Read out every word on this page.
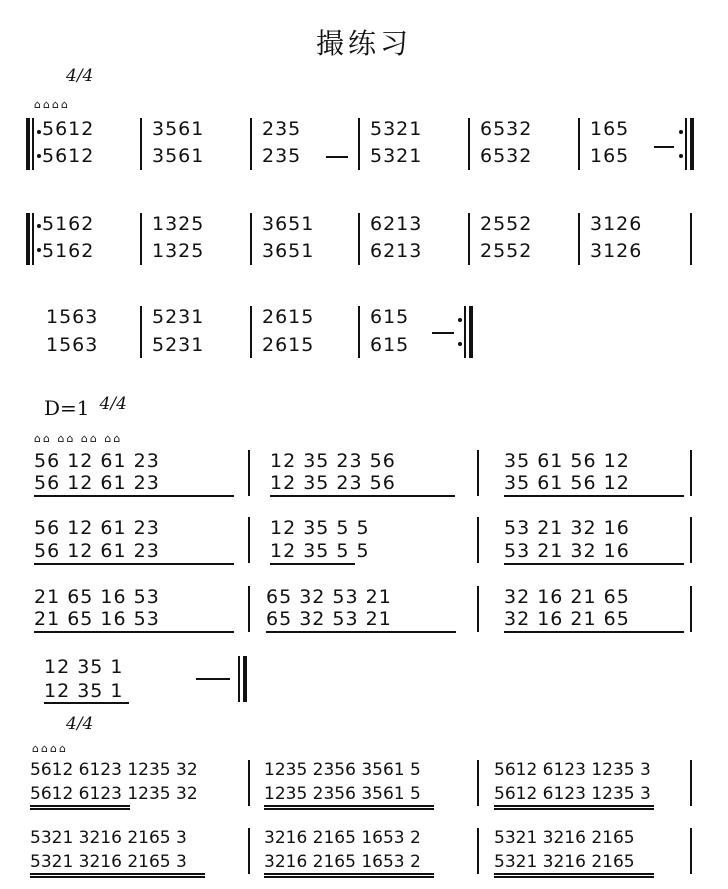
撮练习
4/4
⌂⌂⌂⌂
5612
5612
3561
3561
235
235
5321
5321
6532
6532
165
165
5162
5162
1325
1325
3651
3651
6213
6213
2552
2552
3126
3126
1563
1563
5231
5231
2615
2615
615
615
D=1 $^{4/4}$
⌂⌂ ⌂⌂ ⌂⌂ ⌂⌂
56 12 61 23
56 12 61 23
12 35 23 56
12 35 23 56
35 61 56 12
35 61 56 12
56 12 61 23
56 12 61 23
12 35 5 5
12 35 5 5
53 21 32 16
53 21 32 16
21 65 16 53
21 65 16 53
65 32 53 21
65 32 53 21
32 16 21 65
32 16 21 65
12 35 1
12 35 1
4/4
⌂⌂⌂⌂
5612 6123 1235 32
5612 6123 1235 32
1235 2356 3561 5
1235 2356 3561 5
5612 6123 1235 3
5612 6123 1235 3
5321 3216 2165 3
5321 3216 2165 3
3216 2165 1653 2
3216 2165 1653 2
5321 3216 2165
5321 3216 2165
